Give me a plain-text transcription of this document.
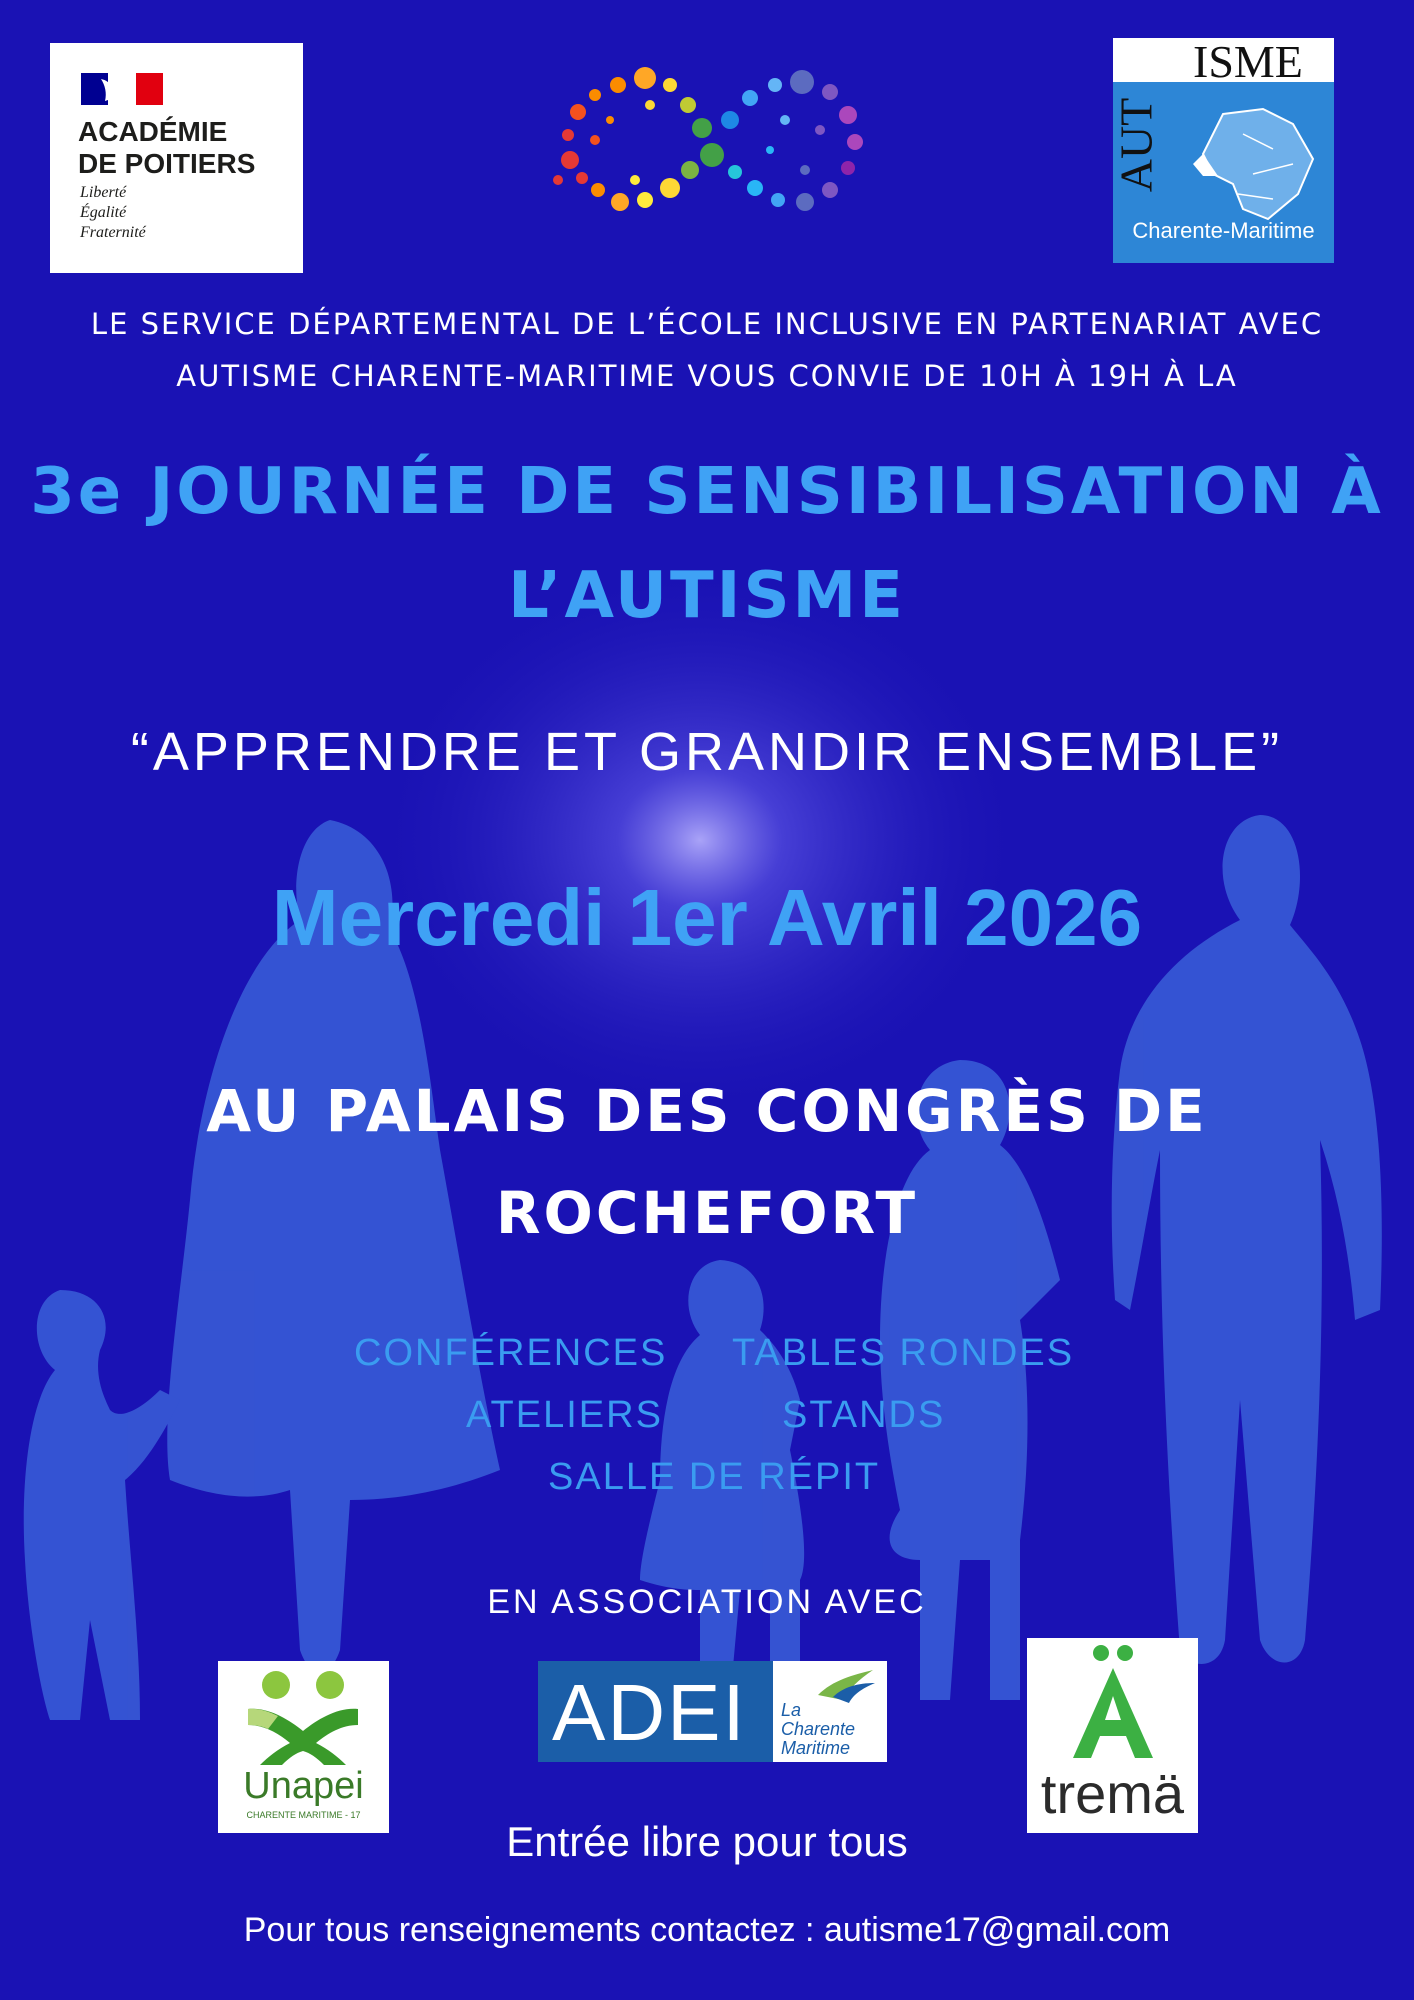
ACADÉMIE
DE POITIERS

Liberté
Égalité
Fraternité

ISME

AUT

Charente-Maritime

LE SERVICE DÉPARTEMENTAL DE L’ÉCOLE INCLUSIVE EN PARTENARIAT AVEC
AUTISME CHARENTE-MARITIME VOUS CONVIE DE 10H À 19H À LA

3e JOURNÉE DE SENSIBILISATION À
L’AUTISME

“APPRENDRE ET GRANDIR ENSEMBLE”

Mercredi 1er Avril 2026

AU PALAIS DES CONGRÈS DE
ROCHEFORT

CONFÉRENCES TABLES RONDES

ATELIERS	STANDS

SALLE DE RÉPIT

EN ASSOCIATION AVEC

Unapei

CHARENTE MARITIME - 17

ADEI La
Charente
Maritime

tremä

Entrée libre pour tous

Pour tous renseignements contactez : autisme17@gmail.com
